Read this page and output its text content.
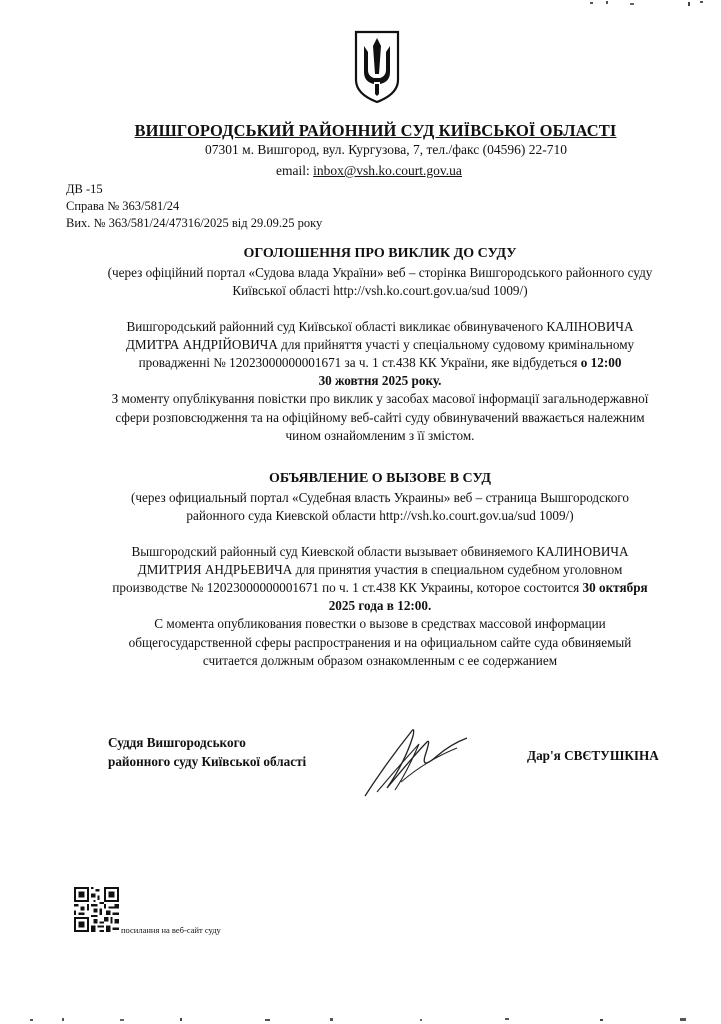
ВИШГОРОДСЬКИЙ РАЙОННИЙ СУД КИЇВСЬКОЇ ОБЛАСТІ
07301 м. Вишгород, вул. Кургузова, 7, тел./факс (04596) 22-710
email: inbox@vsh.ko.court.gov.ua
ДВ -15
Справа № 363/581/24
Вих. № 363/581/24/47316/2025 від 29.09.25 року
ОГОЛОШЕННЯ ПРО ВИКЛИК ДО СУДУ

(через офіційний портал «Судова влада України» веб – сторінка Вишгородського районного суду

Київської області http://vsh.ko.court.gov.ua/sud 1009/)

Вишгородський районний суд Київської області викликає обвинуваченого КАЛІНОВИЧА

ДМИТРА АНДРІЙОВИЧА для прийняття участі у спеціальному судовому кримінальному

провадженні № 12023000000001671 за ч. 1 ст.438 КК України, яке відбудеться о 12:00

30 жовтня 2025 року.

З моменту опублікування повістки про виклик у засобах масової інформації загальнодержавної

сфери розповсюдження та на офіційному веб-сайті суду обвинувачений вважається належним

чином ознайомленим з її змістом.

ОБЪЯВЛЕНИЕ О ВЫЗОВЕ В СУД

(через официальный портал «Судебная власть Украины» веб – страница Вышгородского

районного суда Киевской области http://vsh.ko.court.gov.ua/sud 1009/)

Вышгородский районный суд Киевской области вызывает обвиняемого КАЛИНОВИЧА

ДМИТРИЯ АНДРЬЕВИЧА для принятия участия в специальном судебном уголовном

производстве № 12023000000001671 по ч. 1 ст.438 КК Украины, которое состоится 30 октября

2025 года в 12:00.

С момента опубликования повестки о вызове в средствах массовой информации

общегосударственной сферы распространения и на официальном сайте суда обвиняемый

считается должным образом ознакомленным с ее содержанием

Суддя Вишгородського
районного суду Київської області	Дар'я СВЄТУШКІНА
посилання на веб-сайт суду
